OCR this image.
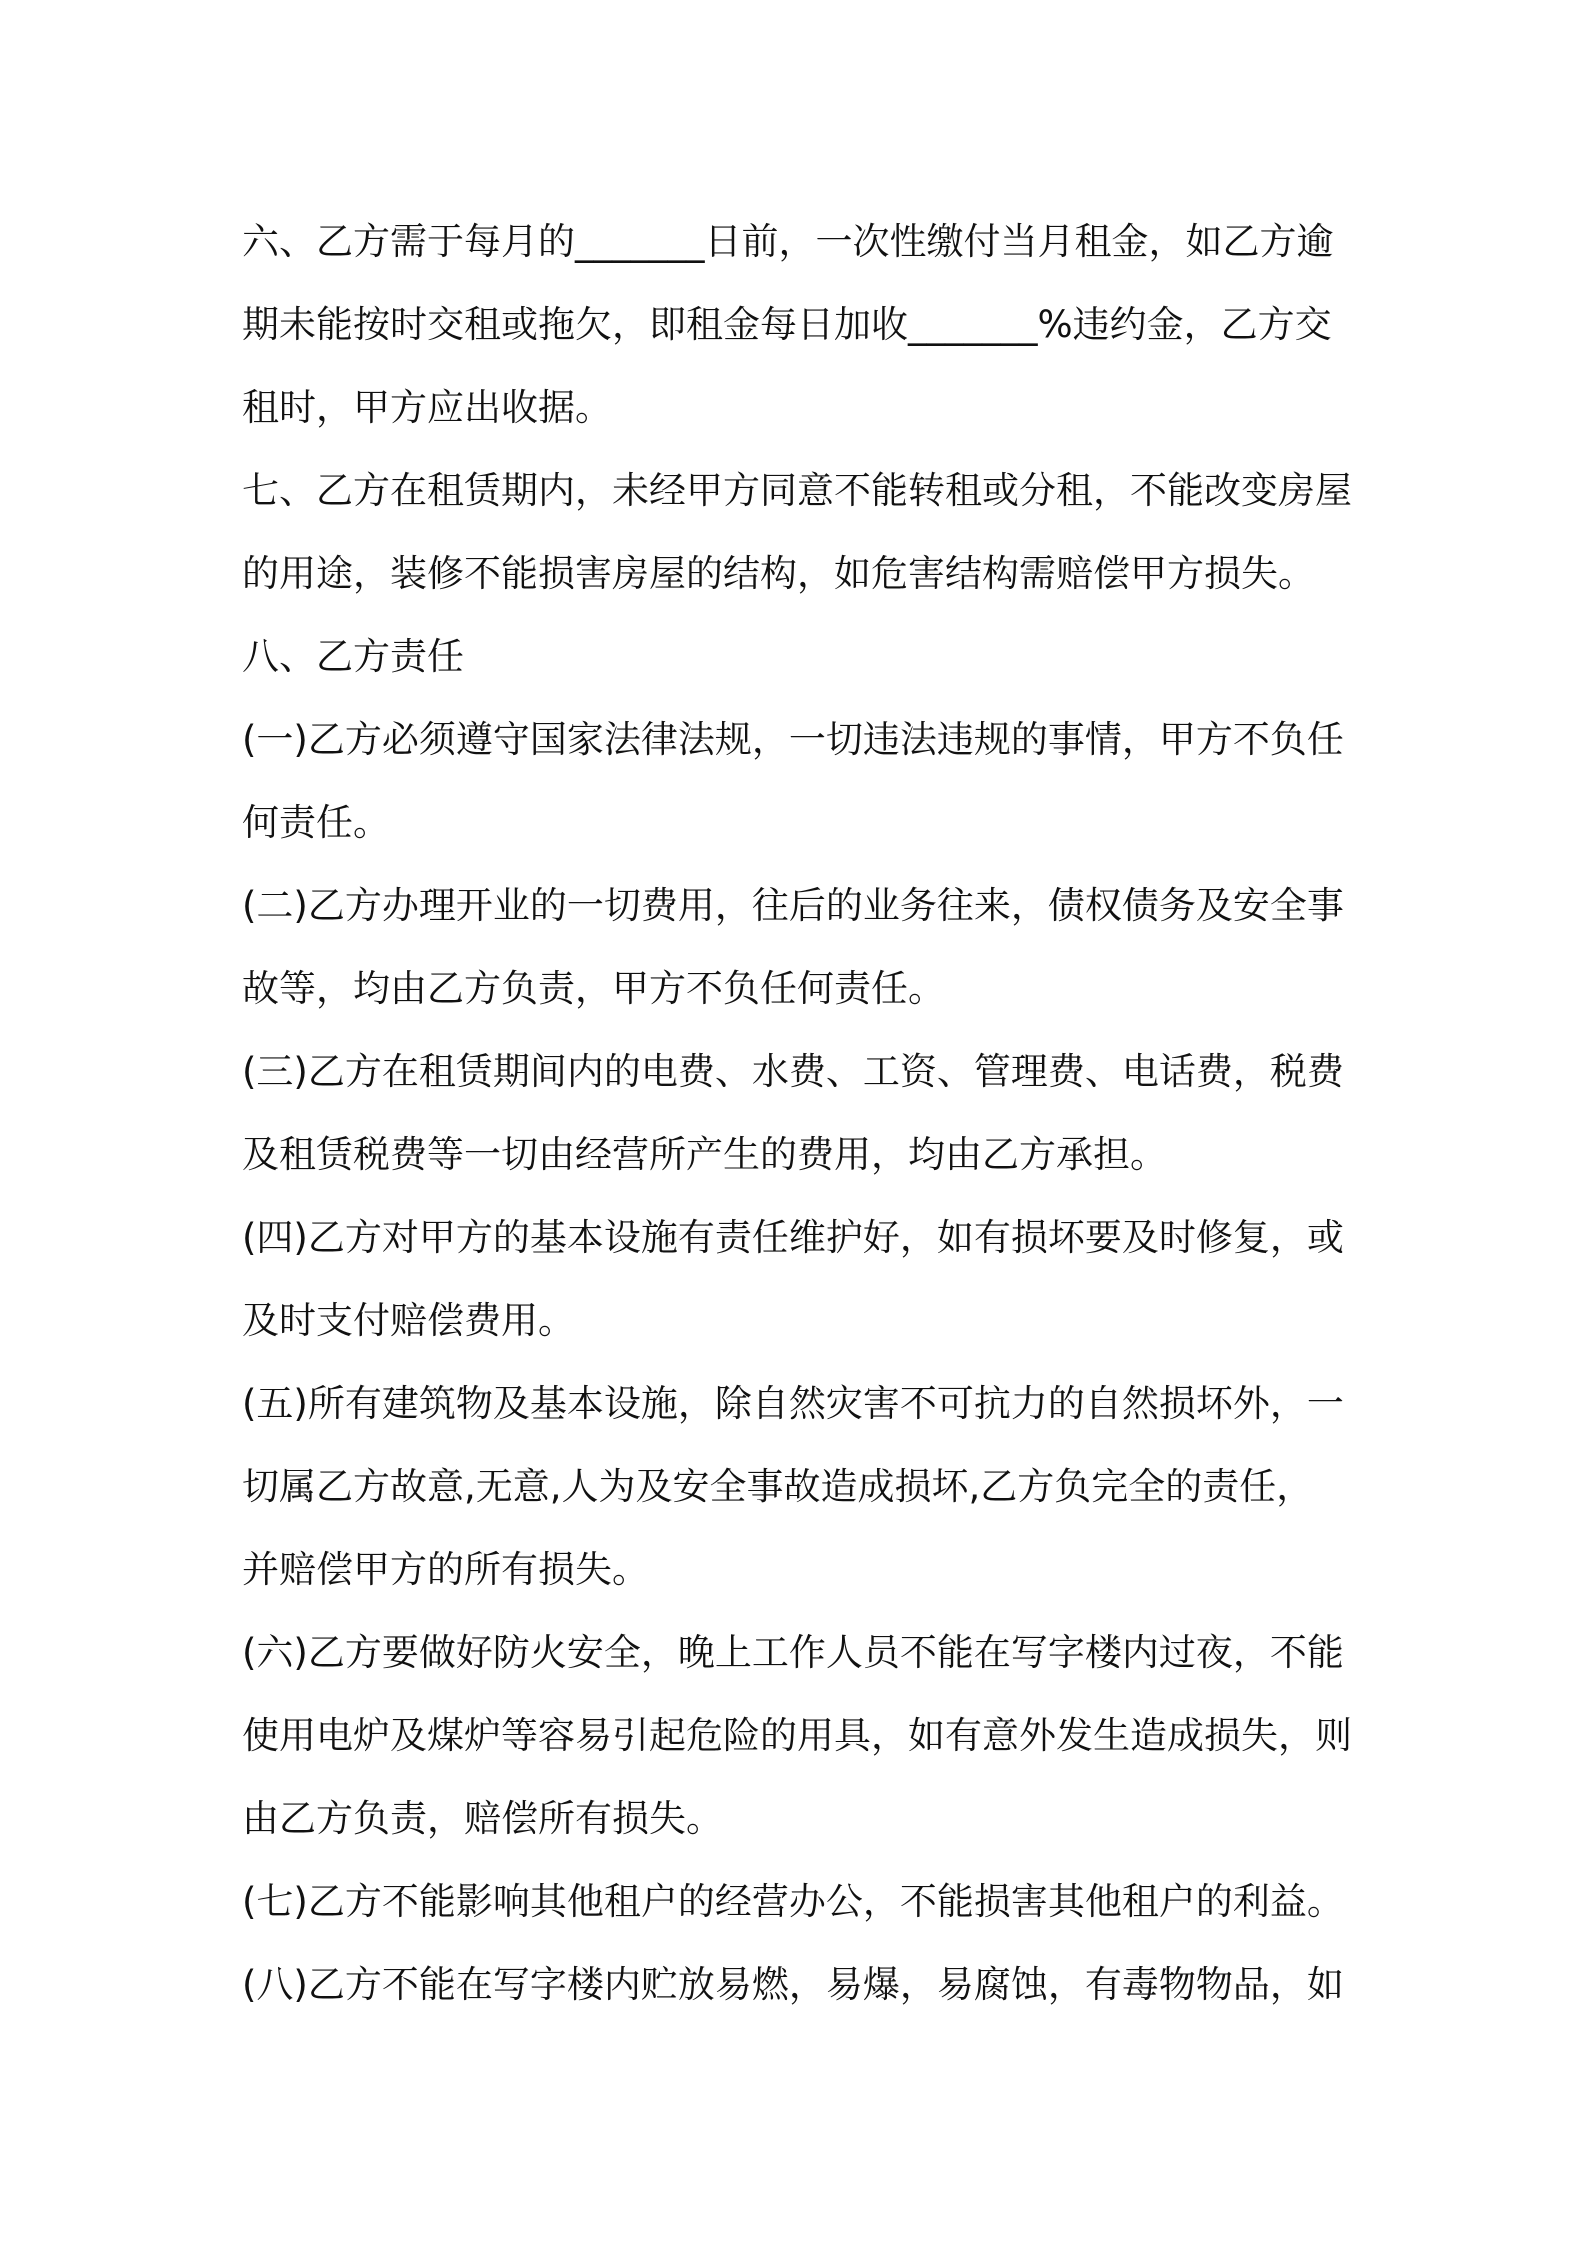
六、乙方需于每月的_______日前，一次性缴付当月租金，如乙方逾
期未能按时交租或拖欠，即租金每日加收_______%违约金，乙方交
租时，甲方应出收据。

七、乙方在租赁期内，未经甲方同意不能转租或分租，不能改变房屋
的用途，装修不能损害房屋的结构，如危害结构需赔偿甲方损失。

八、乙方责任

(一)乙方必须遵守国家法律法规，一切违法违规的事情，甲方不负任
何责任。

(二)乙方办理开业的一切费用，往后的业务往来，债权债务及安全事
故等，均由乙方负责，甲方不负任何责任。

(三)乙方在租赁期间内的电费、水费、工资、管理费、电话费，税费
及租赁税费等一切由经营所产生的费用，均由乙方承担。

(四)乙方对甲方的基本设施有责任维护好，如有损坏要及时修复，或
及时支付赔偿费用。

(五)所有建筑物及基本设施，除自然灾害不可抗力的自然损坏外，一
切属乙方故意,无意,人为及安全事故造成损坏,乙方负完全的责任，
并赔偿甲方的所有损失。

(六)乙方要做好防火安全，晚上工作人员不能在写字楼内过夜，不能
使用电炉及煤炉等容易引起危险的用具，如有意外发生造成损失，则
由乙方负责，赔偿所有损失。

(七)乙方不能影响其他租户的经营办公，不能损害其他租户的利益。

(八)乙方不能在写字楼内贮放易燃，易爆，易腐蚀，有毒物物品，如
